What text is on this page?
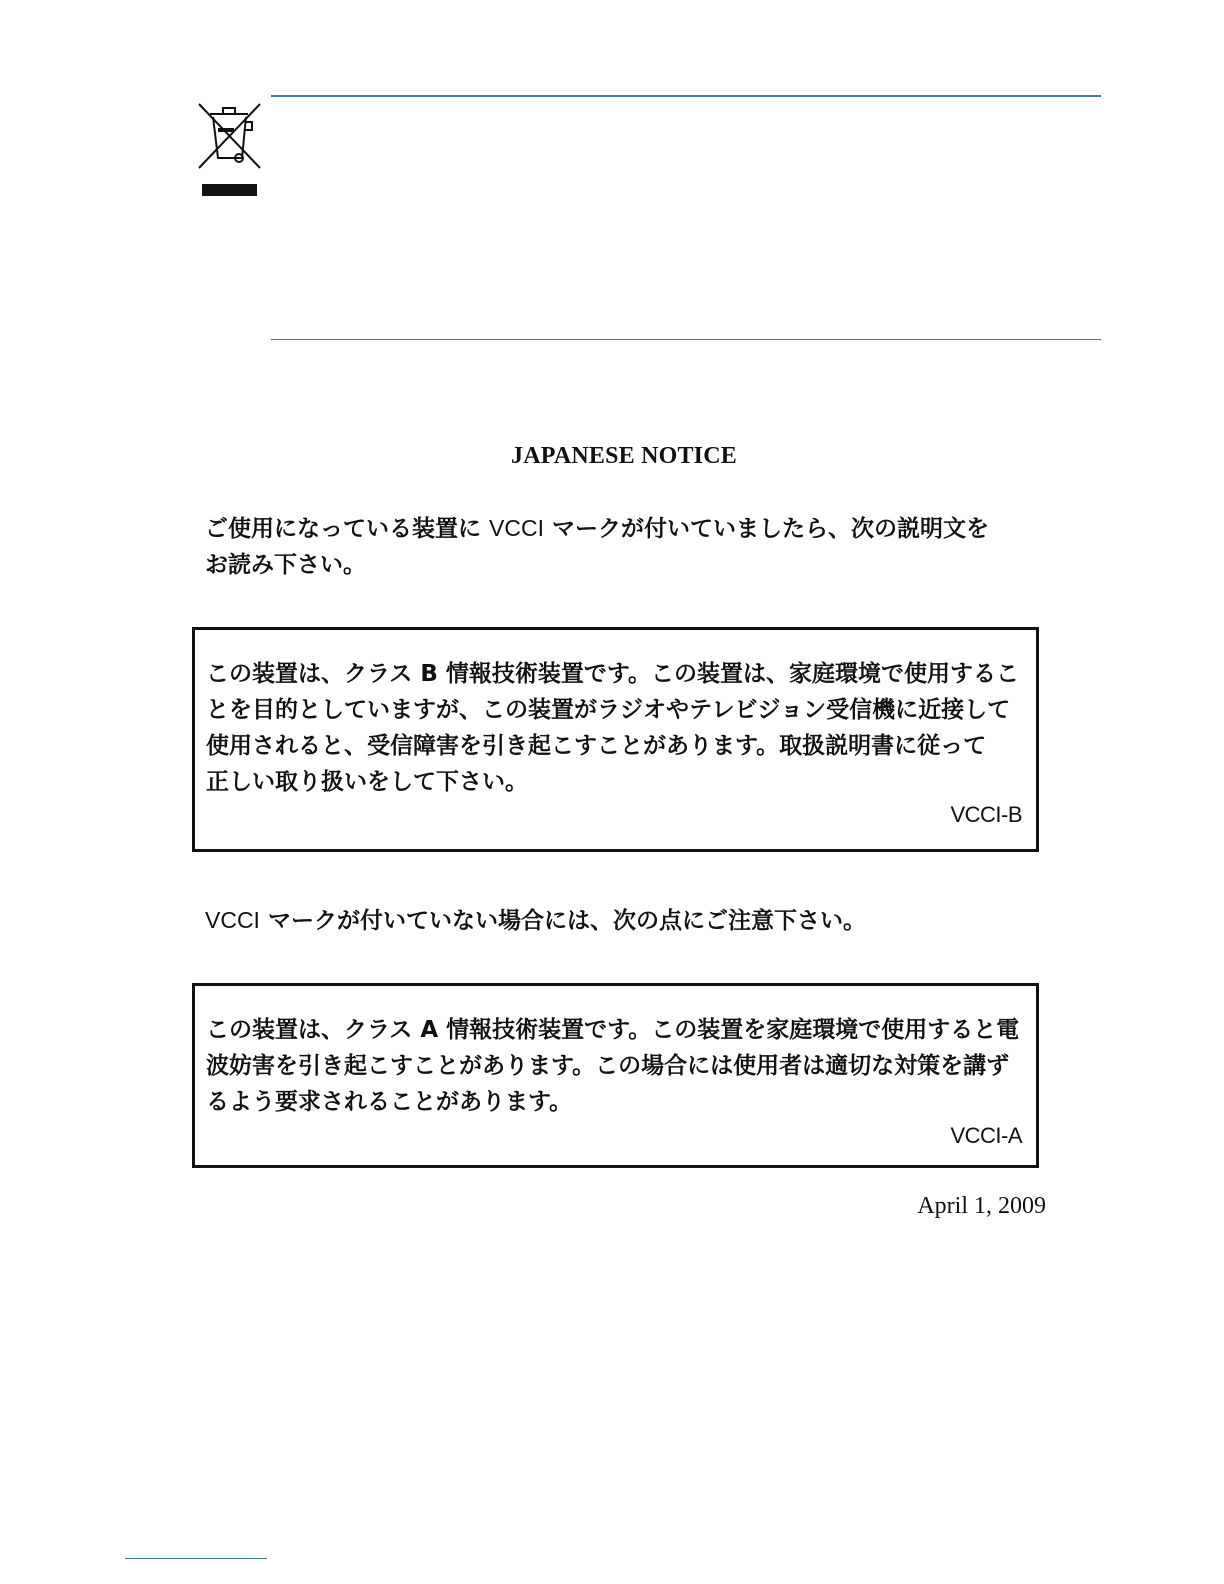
JAPANESE NOTICE
ご使用になっている装置に VCCI マークが付いていましたら、次の説明文を
お読み下さい。
この装置は、クラス B 情報技術装置です。この装置は、家庭環境で使用するこ
とを目的としていますが、この装置がラジオやテレビジョン受信機に近接して
使用されると、受信障害を引き起こすことがあります。取扱説明書に従って
正しい取り扱いをして下さい。
VCCI-B
VCCI マークが付いていない場合には、次の点にご注意下さい。
この装置は、クラス A 情報技術装置です。この装置を家庭環境で使用すると電
波妨害を引き起こすことがあります。この場合には使用者は適切な対策を講ず
るよう要求されることがあります。
VCCI-A
April 1, 2009
